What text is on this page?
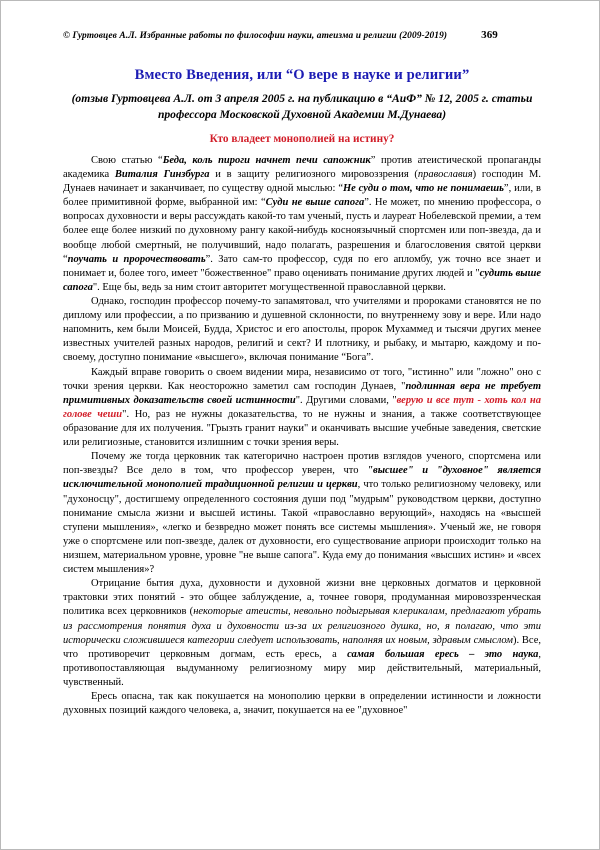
© Гуртовцев А.Л. Избранные работы по философии науки, атеизма и религии (2009-2019)	369
Вместо Введения, или “О вере в науке и религии”
(отзыв Гуртовцева А.Л. от 3 апреля 2005 г. на публикацию в “АиФ” № 12, 2005 г. статьи профессора Московской Духовной Академии М.Дунаева)
Кто владеет монополией на истину?

Свою статью “Беда, коль пироги начнет печи сапожник” против атеистической пропаганды академика Виталия Гинзбурга и в защиту религиозного мировоззрения (православия) господин М. Дунаев начинает и заканчивает, по существу одной мыслью: “Не суди о том, что не понимаешь”, или, в более примитивной форме, выбранной им: “Суди не выше сапога”. Не может, по мнению профессора, о вопросах духовности и веры рассуждать какой-то там ученый, пусть и лауреат Нобелевской премии, а тем более еще более низкий по духовному рангу какой-нибудь косноязычный спортсмен или поп-звезда, да и вообще любой смертный, не получивший, надо полагать, разрешения и благословения святой церкви “поучать и пророчествовать”. Зато сам-то профессор, судя по его апломбу, уж точно все знает и понимает и, более того, имеет "божественное" право оценивать понимание других людей и "судить выше сапога". Еще бы, ведь за ним стоит авторитет могущественной православной церкви.

Однако, господин профессор почему-то запамятовал, что учителями и пророками становятся не по диплому или профессии, а по призванию и душевной склонности, по внутреннему зову и вере. Или надо напомнить, кем были Моисей, Будда, Христос и его апостолы, пророк Мухаммед и тысячи других менее известных учителей разных народов, религий и сект? И плотнику, и рыбаку, и мытарю, каждому и по-своему, доступно понимание «высшего», включая понимание “Бога”.

Каждый вправе говорить о своем видении мира, независимо от того, "истинно" или "ложно" оно с точки зрения церкви. Как неосторожно заметил сам господин Дунаев, "подлинная вера не требует примитивных доказательств своей истинности". Другими словами, "верую и все тут - хоть кол на голове чеши". Но, раз не нужны доказательства, то не нужны и знания, а также соответствующее образование для их получения. "Грызть гранит науки" и оканчивать высшие учебные заведения, светские или религиозные, становится излишним с точки зрения веры.

Почему же тогда церковник так категорично настроен против взглядов ученого, спортсмена или поп-звезды? Все дело в том, что профессор уверен, что "высшее" и "духовное" является исключительной монополией традиционной религии и церкви, что только религиозному человеку, или "духоносцу", достигшему определенного состояния души под "мудрым" руководством церкви, доступно понимание смысла жизни и высшей истины. Такой «православно верующий», находясь на «высшей ступени мышления», «легко и безвредно может понять все системы мышления». Ученый же, не говоря уже о спортсмене или поп-звезде, далек от духовности, его существование априори происходит только на низшем, материальном уровне, уровне "не выше сапога". Куда ему до понимания «высших истин» и «всех систем мышления»?

Отрицание бытия духа, духовности и духовной жизни вне церковных догматов и церковной трактовки этих понятий - это общее заблуждение, а, точнее говоря, продуманная мировоззренческая политика всех церковников (некоторые атеисты, невольно подыгрывая клерикалам, предлагают убрать из рассмотрения понятия духа и духовности из-за их религиозного душка, но, я полагаю, что эти исторически сложившиеся категории следует использовать, наполняя их новым, здравым смыслом). Все, что противоречит церковным догмам, есть ересь, а самая большая ересь – это наука, противопоставляющая выдуманному религиозному миру мир действительный, материальный, чувственный.

Ересь опасна, так как покушается на монополию церкви в определении истинности и ложности духовных позиций каждого человека, а, значит, покушается на ее "духовное"
